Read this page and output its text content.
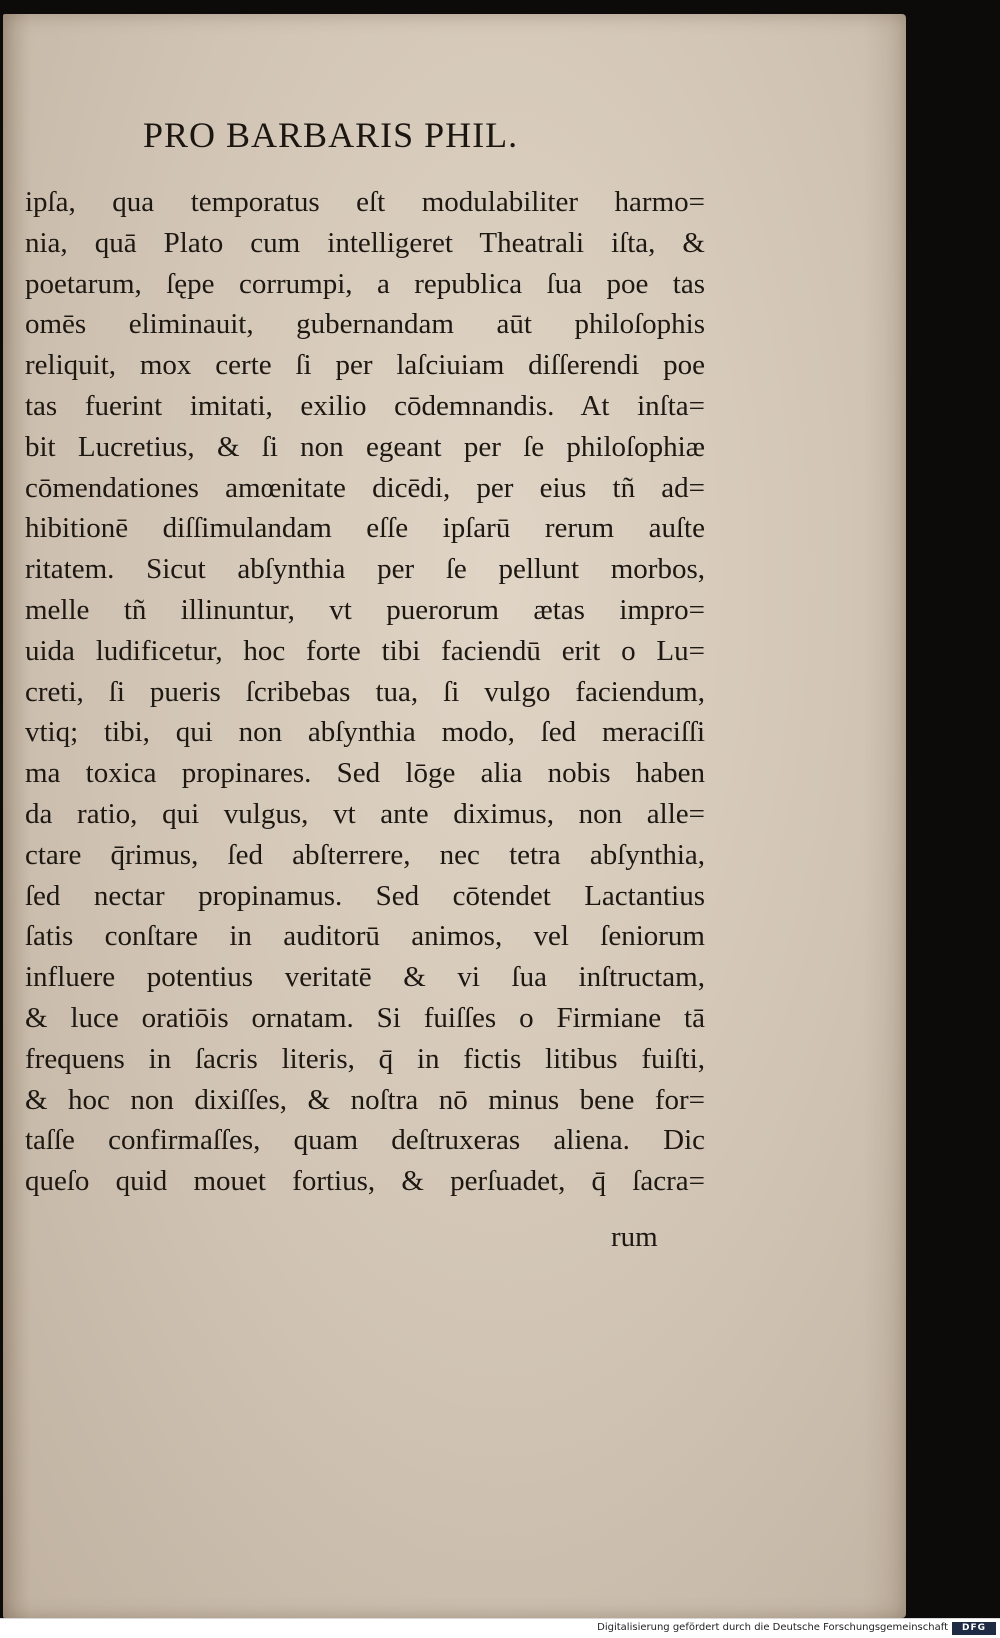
PRO BARBARIS PHIL.
ipſa, qua temporatus eſt modulabiliter harmo=
nia, quā Plato cum intelligeret Theatrali iſta, &
poetarum, ſępe corrumpi, a republica ſua poe tas
omēs eliminauit, gubernandam aūt philoſophis
reliquit, mox certe ſi per laſciuiam diſſerendi poe
tas fuerint imitati, exilio cōdemnandis. At inſta=
bit Lucretius, & ſi non egeant per ſe philoſophiæ
cōmendationes amœnitate dicēdi, per eius tñ ad=
hibitionē diſſimulandam eſſe ipſarū rerum auſte
ritatem. Sicut abſynthia per ſe pellunt morbos,
melle tñ illinuntur, vt puerorum ætas impro=
uida ludificetur, hoc forte tibi faciendū erit o Lu=
creti, ſi pueris ſcribebas tua, ſi vulgo faciendum,
vtiq; tibi, qui non abſynthia modo, ſed meraciſſi
ma toxica propinares. Sed lōge alia nobis haben
da ratio, qui vulgus, vt ante diximus, non alle=
ctare q̄rimus, ſed abſterrere, nec tetra abſynthia,
ſed nectar propinamus. Sed cōtendet Lactantius
ſatis conſtare in auditorū animos, vel ſeniorum
influere potentius veritatē & vi ſua inſtructam,
& luce oratiōis ornatam. Si fuiſſes o Firmiane tā
frequens in ſacris literis, q̄ in fictis litibus fuiſti,
& hoc non dixiſſes, & noſtra nō minus bene for=
taſſe confirmaſſes, quam deſtruxeras aliena. Dic
queſo quid mouet fortius, & perſuadet, q̄ ſacra=
rum
Digitalisierung gefördert durch die Deutsche Forschungsgemeinschaft	DFG
